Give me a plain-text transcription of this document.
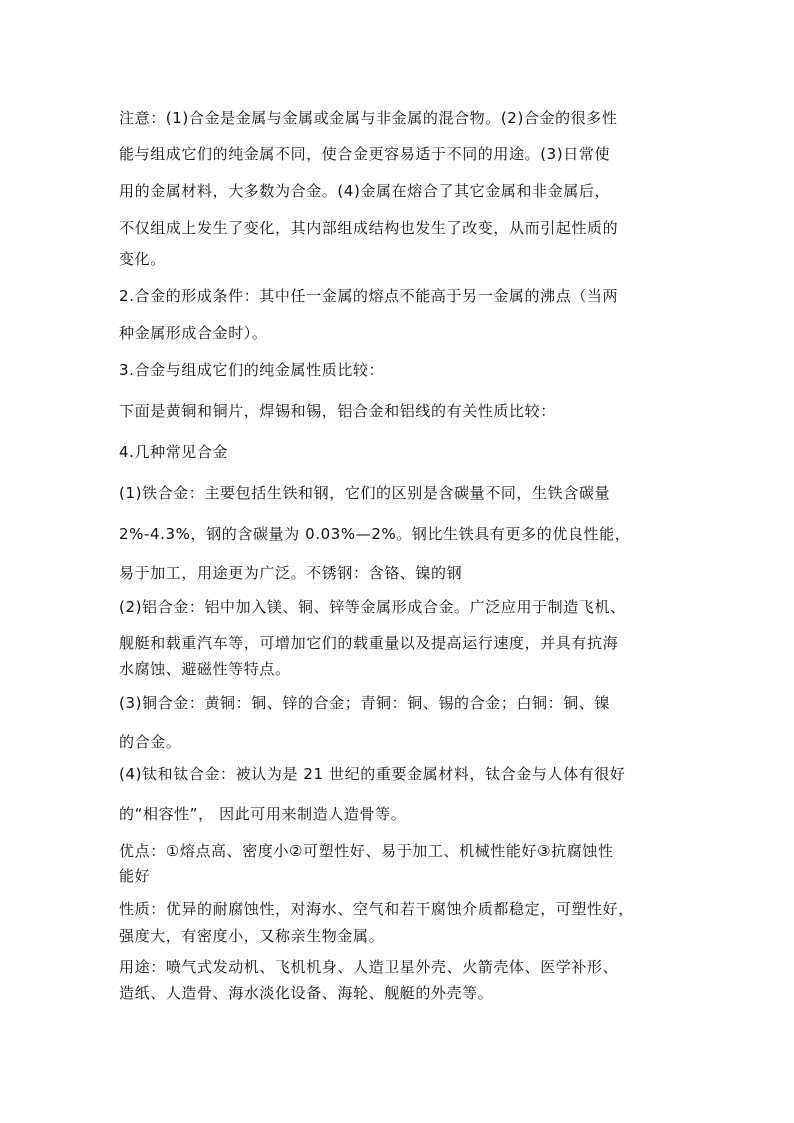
注意：(1)合金是金属与金属或金属与非金属的混合物。(2)合金的很多性
能与组成它们的纯金属不同，使合金更容易适于不同的用途。(3)日常使
用的金属材料，大多数为合金。(4)金属在熔合了其它金属和非金属后，
不仅组成上发生了变化，其内部组成结构也发生了改变，从而引起性质的
变化。
2.合金的形成条件：其中任一金属的熔点不能高于另一金属的沸点（当两
种金属形成合金时）。
3.合金与组成它们的纯金属性质比较：
下面是黄铜和铜片，焊锡和锡，铝合金和铝线的有关性质比较：
4.几种常见合金
(1)铁合金：主要包括生铁和钢，它们的区别是含碳量不同，生铁含碳量
2%-4.3%，钢的含碳量为 0.03%—2%。钢比生铁具有更多的优良性能，
易于加工，用途更为广泛。不锈钢：含铬、镍的钢
(2)铝合金：铝中加入镁、铜、锌等金属形成合金。广泛应用于制造飞机、
舰艇和载重汽车等，可增加它们的载重量以及提高运行速度，并具有抗海
水腐蚀、避磁性等特点。
(3)铜合金：黄铜：铜、锌的合金；青铜：铜、锡的合金；白铜：铜、镍
的合金。
(4)钛和钛合金：被认为是 21 世纪的重要金属材料，钛合金与人体有很好
的“相容性”， 因此可用来制造人造骨等。
优点：①熔点高、密度小②可塑性好、易于加工、机械性能好③抗腐蚀性
能好
性质：优异的耐腐蚀性，对海水、空气和若干腐蚀介质都稳定，可塑性好，
强度大，有密度小，又称亲生物金属。
用途：喷气式发动机、飞机机身、人造卫星外壳、火箭壳体、医学补形、
造纸、人造骨、海水淡化设备、海轮、舰艇的外壳等。
